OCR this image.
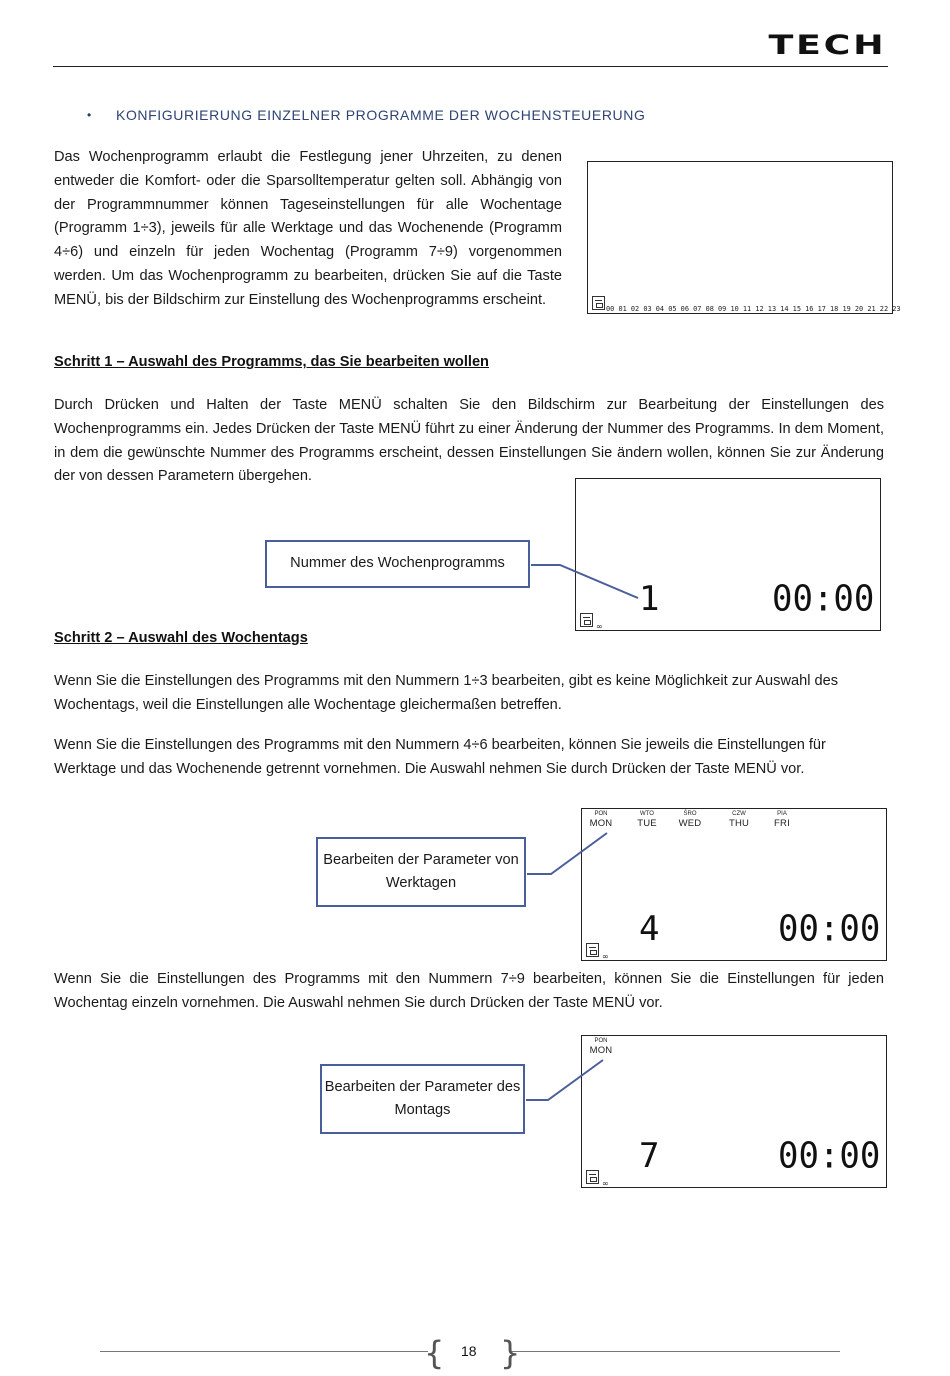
TECH
• KONFIGURIERUNG EINZELNER PROGRAMME DER WOCHENSTEUERUNG
Das Wochenprogramm erlaubt die Festlegung jener Uhrzeiten, zu denen entweder die Komfort- oder die Sparsolltemperatur gelten soll. Abhängig von der Programmnummer können Tageseinstellungen für alle Wochentage (Programm 1÷3), jeweils für alle Werktage und das Wochenende (Programm 4÷6) und einzeln für jeden Wochentag (Programm 7÷9) vorgenommen werden. Um das Wochenprogramm zu bearbeiten, drücken Sie auf die Taste MENÜ, bis der Bildschirm zur Einstellung des Wochenprogramms erscheint.
00 01 02 03 04 05 06 07 08 09 10 11 12 13 14 15 16 17 18 19 20 21 22 23
Schritt 1 – Auswahl des Programms, das Sie bearbeiten wollen
Durch Drücken und Halten der Taste MENÜ schalten Sie den Bildschirm zur Bearbeitung der Einstellungen des Wochenprogramms ein. Jedes Drücken der Taste MENÜ führt zu einer Änderung der Nummer des Programms. In dem Moment, in dem die gewünschte Nummer des Programms erscheint, dessen Einstellungen Sie ändern wollen, können Sie zur Änderung der von dessen Parametern übergehen.
1	00:00
∞
Nummer des Wochenprogramms
Schritt 2 – Auswahl des Wochentags
Wenn Sie die Einstellungen des Programms mit den Nummern 1÷3 bearbeiten, gibt es keine Möglichkeit zur Auswahl des Wochentags, weil die Einstellungen alle Wochentage gleichermaßen betreffen.
Wenn Sie die Einstellungen des Programms mit den Nummern 4÷6 bearbeiten, können Sie jeweils die Einstellungen für Werktage und das Wochenende getrennt vornehmen. Die Auswahl nehmen Sie durch Drücken der Taste MENÜ vor.
PON
MON
WTO
TUE
ŚRO
WED
CZW
THU
PIA
FRI
4	00:00
∞
Bearbeiten der Parameter von Werktagen
Wenn Sie die Einstellungen des Programms mit den Nummern 7÷9 bearbeiten, können Sie die Einstellungen für jeden Wochentag einzeln vornehmen. Die Auswahl nehmen Sie durch Drücken der Taste MENÜ vor.
PON
MON
7	00:00
∞
Bearbeiten der Parameter des Montags
{ 18 }
